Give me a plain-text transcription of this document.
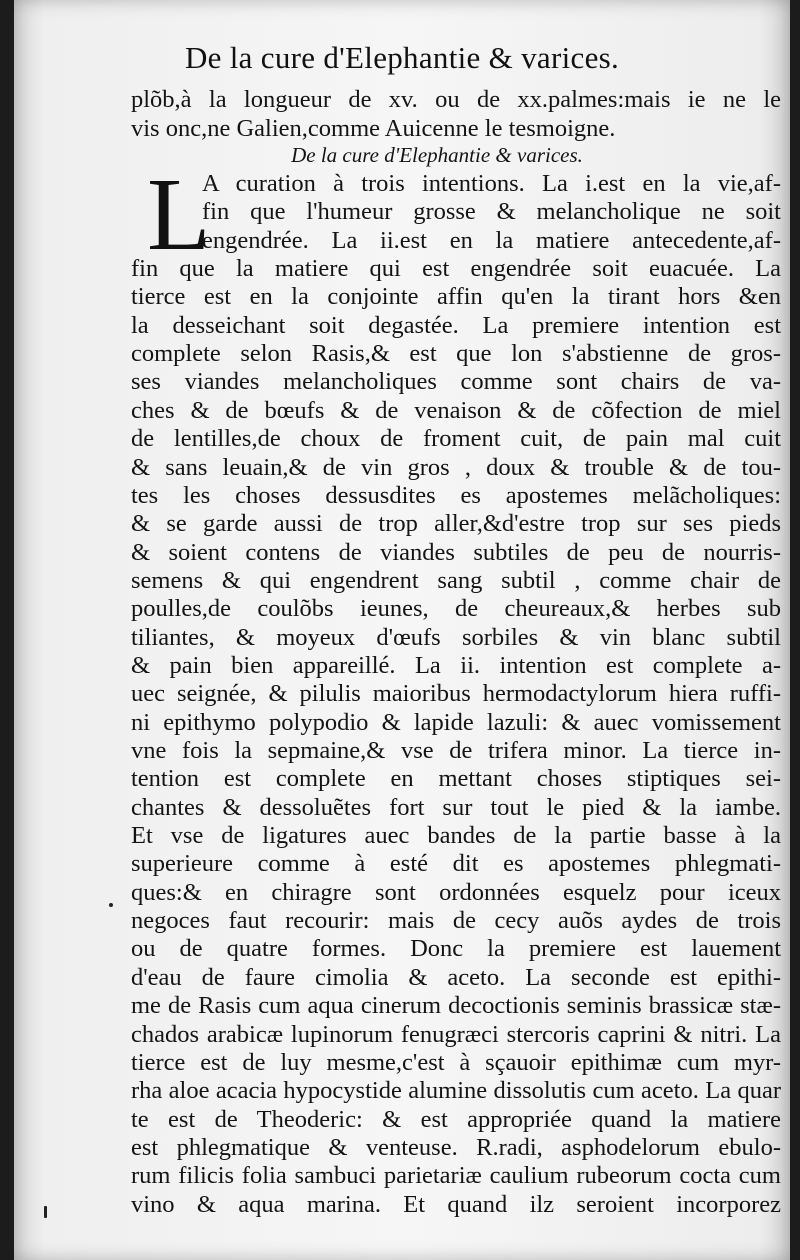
De la cure d'Elephantie & varices.
plõb,à la longueur de xv. ou de xx.palmes:mais ie ne le
vis onc,ne Galien,comme Auicenne le tesmoigne.
De la cure d'Elephantie & varices.
L
A curation à trois intentions. La i.est en la vie,af-
fin que l'humeur grosse & melancholique ne soit
engendrée. La ii.est en la matiere antecedente,af-
fin que la matiere qui est engendrée soit euacuée. La
tierce est en la conjointe affin qu'en la tirant hors &en
la desseichant soit degastée. La premiere intention est
complete selon Rasis,& est que lon s'abstienne de gros-
ses viandes melancholiques comme sont chairs de va-
ches & de bœufs & de venaison & de cõfection de miel
de lentilles,de choux de froment cuit, de pain mal cuit
& sans leuain,& de vin gros , doux & trouble & de tou-
tes les choses dessusdites es apostemes melãcholiques:
& se garde aussi de trop aller,&d'estre trop sur ses pieds
& soient contens de viandes subtiles de peu de nourris-
semens & qui engendrent sang subtil , comme chair de
poulles,de coulõbs ieunes, de cheureaux,& herbes sub
tiliantes, & moyeux d'œufs sorbiles & vin blanc subtil
& pain bien appareillé. La ii. intention est complete a-
uec seignée, & pilulis maioribus hermodactylorum hiera ruffi-
ni epithymo polypodio & lapide lazuli: & auec vomissement
vne fois la sepmaine,& vse de trifera minor. La tierce in-
tention est complete en mettant choses stiptiques sei-
chantes & dessoluẽtes fort sur tout le pied & la iambe.
Et vse de ligatures auec bandes de la partie basse à la
superieure comme à esté dit es apostemes phlegmati-
ques:& en chiragre sont ordonnées esquelz pour iceux
negoces faut recourir: mais de cecy auõs aydes de trois
ou de quatre formes. Donc la premiere est lauement
d'eau de faure cimolia & aceto. La seconde est epithi-
me de Rasis cum aqua cinerum decoctionis seminis brassicæ stæ-
chados arabicæ lupinorum fenugræci stercoris caprini & nitri. La
tierce est de luy mesme,c'est à sçauoir epithimæ cum myr-
rha aloe acacia hypocystide alumine dissolutis cum aceto. La quar
te est de Theoderic: & est appropriée quand la matiere
est phlegmatique & venteuse. R.radi, asphodelorum ebulo-
rum filicis folia sambuci parietariæ caulium rubeorum cocta cum
vino & aqua marina. Et quand ilz seroient incorporez
